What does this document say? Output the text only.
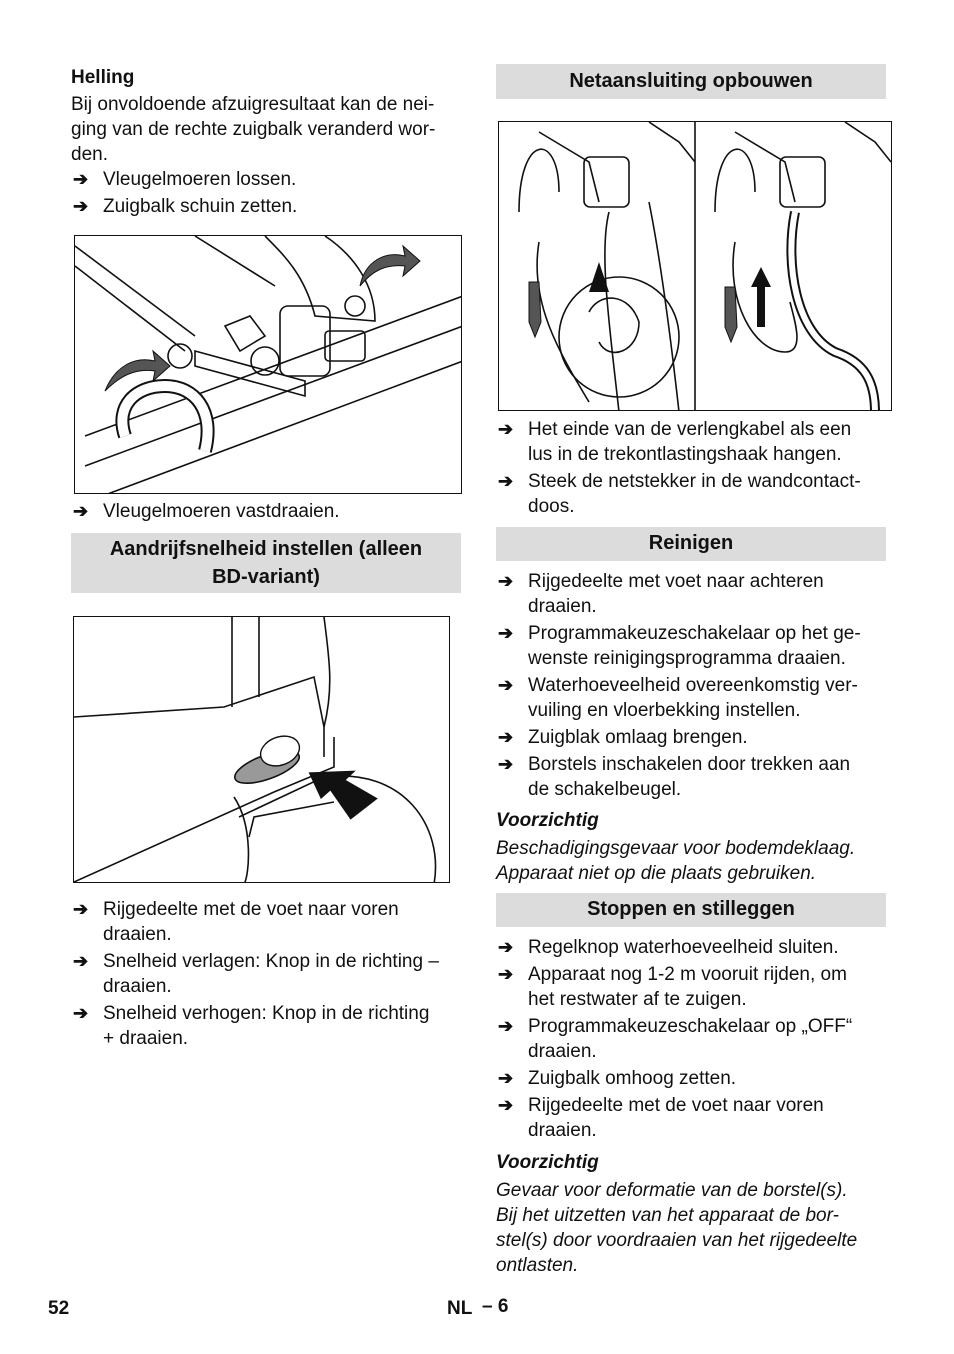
Helling

Bij onvoldoende afzuigresultaat kan de nei-

ging van de rechte zuigbalk veranderd wor-

den.

➔ Vleugelmoeren lossen.
➔ Zuigbalk schuin zetten.
➔ Vleugelmoeren vastdraaien.
Aandrijfsnelheid instellen (alleen
BD-variant)
➔ Rijgedeelte met de voet naar voren
draaien.
➔ Snelheid verlagen: Knop in de richting –
draaien.
➔ Snelheid verhogen: Knop in de richting
+ draaien.
Netaansluiting opbouwen
➔ Het einde van de verlengkabel als een
lus in de trekontlastingshaak hangen.
➔ Steek de netstekker in de wandcontact-
doos.
Reinigen
➔ Rijgedeelte met voet naar achteren
draaien.
➔ Programmakeuzeschakelaar op het ge-
wenste reinigingsprogramma draaien.
➔ Waterhoeveelheid overeenkomstig ver-
vuiling en vloerbekking instellen.
➔ Zuigblak omlaag brengen.
➔ Borstels inschakelen door trekken aan
de schakelbeugel.
Voorzichtig
Beschadigingsgevaar voor bodemdeklaag.
Apparaat niet op die plaats gebruiken.
Stoppen en stilleggen
➔ Regelknop waterhoeveelheid sluiten.
➔ Apparaat nog 1-2 m vooruit rijden, om
het restwater af te zuigen.
➔ Programmakeuzeschakelaar op „OFF“
draaien.
➔ Zuigbalk omhoog zetten.
➔ Rijgedeelte met de voet naar voren
draaien.
Voorzichtig
Gevaar voor deformatie van de borstel(s).
Bij het uitzetten van het apparaat de bor-
stel(s) door voordraaien van het rijgedeelte
ontlasten.
52	NL – 6
